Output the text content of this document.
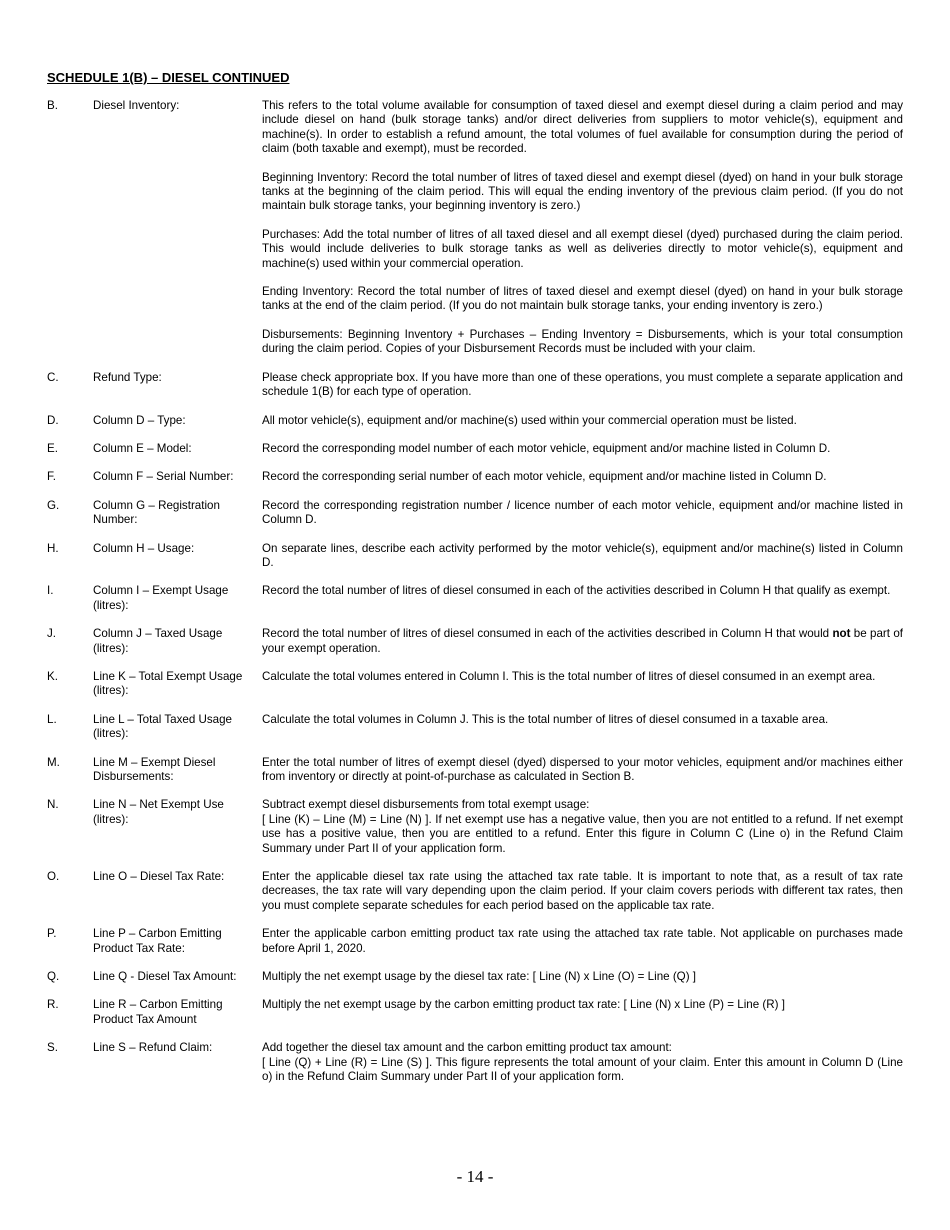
SCHEDULE 1(B) – DIESEL CONTINUED
B.	Diesel Inventory:	This refers to the total volume available for consumption of taxed diesel and exempt diesel during a claim period and may include diesel on hand (bulk storage tanks) and/or direct deliveries from suppliers to motor vehicle(s), equipment and machine(s). In order to establish a refund amount, the total volumes of fuel available for consumption during the period of claim (both taxable and exempt), must be recorded.

Beginning Inventory: Record the total number of litres of taxed diesel and exempt diesel (dyed) on hand in your bulk storage tanks at the beginning of the claim period. This will equal the ending inventory of the previous claim period. (If you do not maintain bulk storage tanks, your beginning inventory is zero.)

Purchases: Add the total number of litres of all taxed diesel and all exempt diesel (dyed) purchased during the claim period. This would include deliveries to bulk storage tanks as well as deliveries directly to motor vehicle(s), equipment and machine(s) used within your commercial operation.

Ending Inventory: Record the total number of litres of taxed diesel and exempt diesel (dyed) on hand in your bulk storage tanks at the end of the claim period. (If you do not maintain bulk storage tanks, your ending inventory is zero.)

Disbursements: Beginning Inventory + Purchases – Ending Inventory = Disbursements, which is your total consumption during the claim period. Copies of your Disbursement Records must be included with your claim.

C.	Refund Type:	Please check appropriate box. If you have more than one of these operations, you must complete a separate application and schedule 1(B) for each type of operation.
D.	Column D – Type:	All motor vehicle(s), equipment and/or machine(s) used within your commercial operation must be listed.
E.	Column E – Model:	Record the corresponding model number of each motor vehicle, equipment and/or machine listed in Column D.
F.	Column F – Serial Number:	Record the corresponding serial number of each motor vehicle, equipment and/or machine listed in Column D.
G.	Column G – Registration Number:
Record the corresponding registration number / licence number of each motor vehicle, equipment and/or machine listed in Column D.
H.	Column H – Usage:	On separate lines, describe each activity performed by the motor vehicle(s), equipment and/or machine(s) listed in Column D.
I.	Column I – Exempt Usage (litres):
Record the total number of litres of diesel consumed in each of the activities described in Column H that qualify as exempt.
J.	Column J – Taxed Usage (litres):
Record the total number of litres of diesel consumed in each of the activities described in Column H that would not be part of your exempt operation.
K.	Line K – Total Exempt Usage (litres):
Calculate the total volumes entered in Column I. This is the total number of litres of diesel consumed in an exempt area.
L.	Line L – Total Taxed Usage (litres):
Calculate the total volumes in Column J. This is the total number of litres of diesel consumed in a taxable area.
M.	Line M – Exempt Diesel Disbursements:
Enter the total number of litres of exempt diesel (dyed) dispersed to your motor vehicles, equipment and/or machines either from inventory or directly at point-of-purchase as calculated in Section B.
N.	Line N – Net Exempt Use (litres):
Subtract exempt diesel disbursements from total exempt usage:
[ Line (K) – Line (M) = Line (N) ]. If net exempt use has a negative value, then you are not entitled to a refund. If net exempt use has a positive value, then you are entitled to a refund. Enter this figure in Column C (Line o) in the Refund Claim Summary under Part II of your application form.
O.	Line O – Diesel Tax Rate:	Enter the applicable diesel tax rate using the attached tax rate table. It is important to note that, as a result of tax rate decreases, the tax rate will vary depending upon the claim period. If your claim covers periods with different tax rates, then you must complete separate schedules for each period based on the applicable tax rate.
P.	Line P – Carbon Emitting Product Tax Rate:
Enter the applicable carbon emitting product tax rate using the attached tax rate table. Not applicable on purchases made before April 1, 2020.
Q.	Line Q - Diesel Tax Amount:	Multiply the net exempt usage by the diesel tax rate: [ Line (N) x Line (O) = Line (Q) ]
R.	Line R – Carbon Emitting Product Tax Amount
Multiply the net exempt usage by the carbon emitting product tax rate: [ Line (N) x Line (P) = Line (R) ]
S.	Line S – Refund Claim:	Add together the diesel tax amount and the carbon emitting product tax amount:
[ Line (Q) + Line (R) = Line (S) ]. This figure represents the total amount of your claim. Enter this amount in Column D (Line o) in the Refund Claim Summary under Part II of your application form.
- 14 -
